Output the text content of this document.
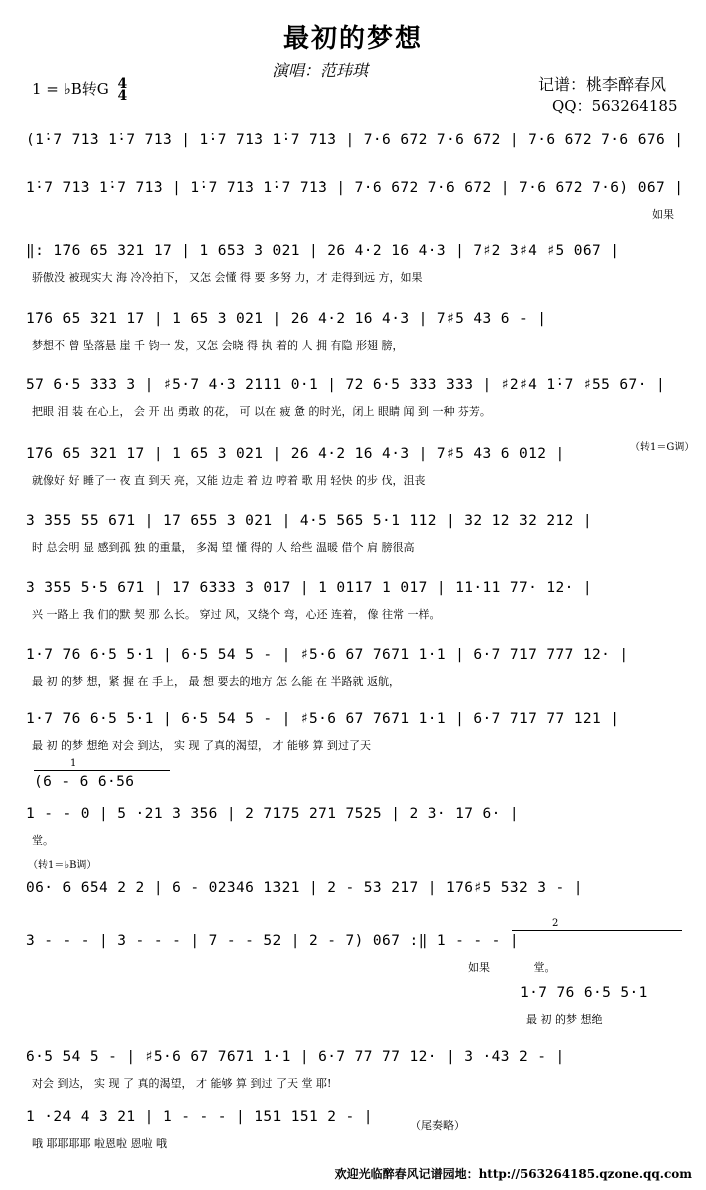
最初的梦想
演唱：范玮琪
1 = ♭B转G 4
4
记谱：桃李醉春风
QQ：563264185
(1̇·7 71̇3 1̇·7 71̇3 | 1̇·7 71̇3 1̇·7 71̇3 | 7·6 672 7·6 672 | 7·6 672 7·6 676 |
1̇·7 71̇3 1̇·7 71̇3 | 1̇·7 71̇3 1̇·7 71̇3 | 7·6 672 7·6 672 | 7·6 672 7·6) 067 |
如果
‖: 1̇76 65 321 17 | 1 653 3 021 | 26 4·2 16 4·3 | 7♯2 3♯4 ♯5 067 |
骄傲没 被现实大 海 冷冷拍下， 又怎 会懂 得 要 多努 力，才 走得到远 方，如果
1̇76 65 321 17 | 1 65 3 021 | 26 4·2 16 4·3 | 7♯5 43 6 - |
梦想不 曾 坠落悬 崖 千 钧一 发，又怎 会晓 得 执 着的 人 拥 有隐 形翅 膀，
57 6·5 333 3 | ♯5·7 4·3 2111 0·1 | 72 6·5 333 333 | ♯2♯4 1̇·7 ♯55 67· |
把眼 泪 装 在心上， 会 开 出 勇敢 的花， 可 以在 疲 惫 的时光，闭上 眼睛 闻 到 一种 芬芳。
1̇76 65 321 17 | 1 65 3 021 | 26 4·2 16 4·3 | 7♯5 43 6 012 |
就像好 好 睡了一 夜 直 到天 亮，又能 边走 着 边 哼着 歌 用 轻快 的步 伐，沮丧
3 355 55 671 | 17 655 3 021 | 4·5 565 5·1 112 | 32 12 32 212 |
时 总会明 显 感到孤 独 的重量， 多渴 望 懂 得的 人 给些 温暖 借个 肩 膀很高
3 355 5·5 671 | 17 6333 3 017 | 1 0117 1 017 | 11·11 77· 12· |
兴 一路上 我 们的默 契 那 么长。 穿过 风，又绕个 弯，心还 连着， 像 往常 一样。
1·7 76 6·5 5·1 | 6·5 54 5 - | ♯5·6 67 7671 1·1 | 6·7 717 777 12· |
最 初 的梦 想，紧 握 在 手上， 最 想 要去的地方 怎 么能 在 半路就 返航，
1·7 76 6·5 5·1 | 6·5 54 5 - | ♯5·6 67 7671 1·1 | 6·7 717 77 121 |
最 初 的梦 想绝 对会 到达， 实 现 了真的渴望， 才 能够 算 到过了天
1 - - 0 | 5 ·21 3 356 | 2 7175 271 7525 | 2 3· 17 6· |
(6 - 6 6·56
堂。
06· 6 654 2 2 | 6 - 02346 1321 | 2 - 53 217 | 176♯5 532 3 - |
3 - - - | 3 - - - | 7 - - 52 | 2 - 7) 067 :‖ 1 - - - |
如果 堂。
1·7 76 6·5 5·1
最 初 的梦 想绝
6·5 54 5 - | ♯5·6 67 7671 1·1 | 6·7 77 77 12· | 3 ·43 2 - |
对会 到达， 实 现 了 真的渴望， 才 能够 算 到过 了天 堂 耶!
1 ·24 4 3 21 | 1 - - - | 151 151 2 - |
哦 耶耶耶耶 啦恩啦 恩啦 哦
（转1＝G调）
（转1＝♭B调）
1
2
（尾奏略）
欢迎光临醉春风记谱园地：http://563264185.qzone.qq.com
